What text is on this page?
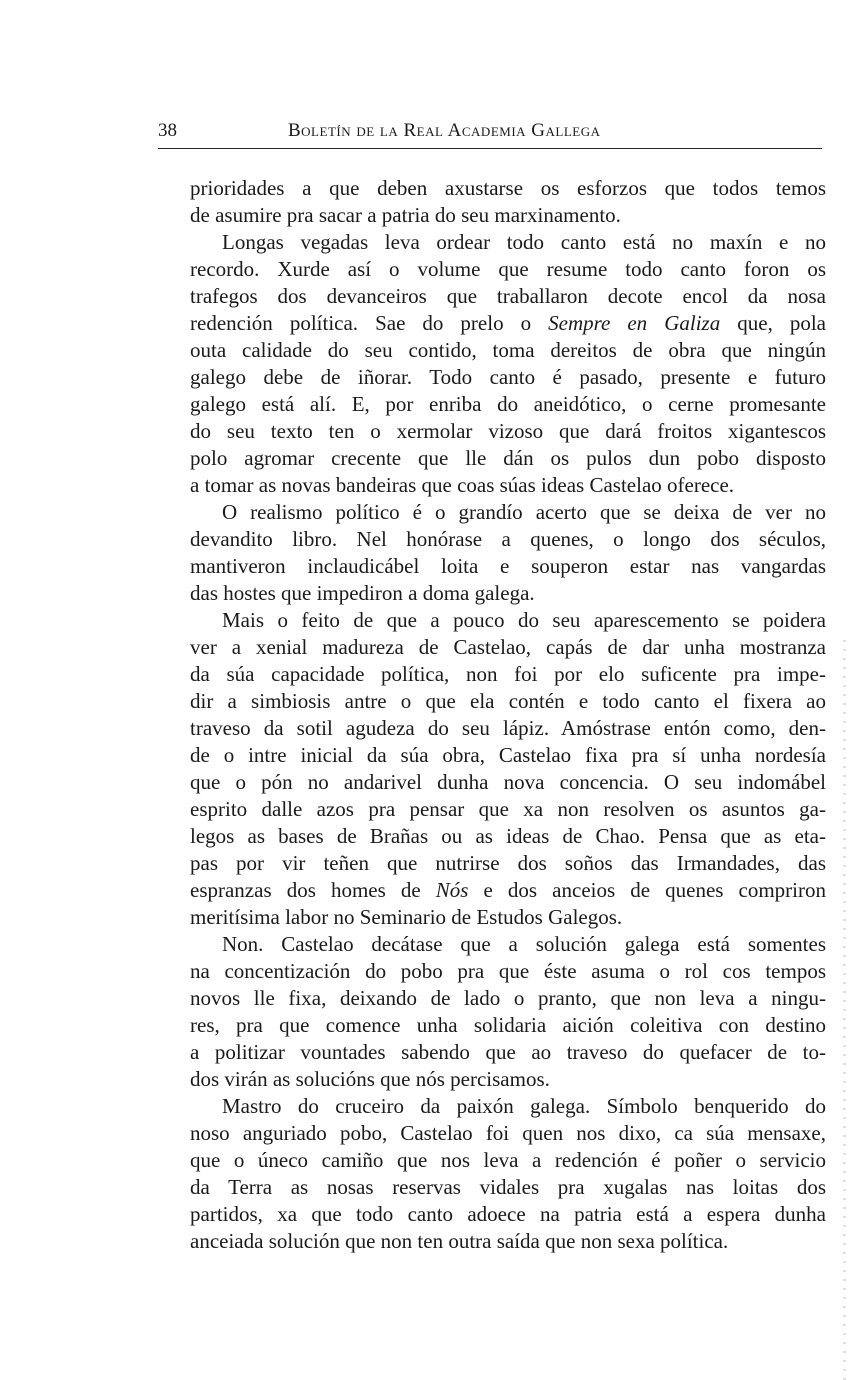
38	Boletín de la Real Academia Gallega
prioridades a que deben axustarse os esforzos que todos temos
de asumire pra sacar a patria do seu marxinamento.
Longas vegadas leva ordear todo canto está no maxín e no
recordo. Xurde así o volume que resume todo canto foron os
trafegos dos devanceiros que traballaron decote encol da nosa
redención política. Sae do prelo o Sempre en Galiza que, pola
outa calidade do seu contido, toma dereitos de obra que ningún
galego debe de iñorar. Todo canto é pasado, presente e futuro
galego está alí. E, por enriba do aneidótico, o cerne promesante
do seu texto ten o xermolar vizoso que dará froitos xigantescos
polo agromar crecente que lle dán os pulos dun pobo disposto
a tomar as novas bandeiras que coas súas ideas Castelao oferece.
O realismo político é o grandío acerto que se deixa de ver no
devandito libro. Nel honórase a quenes, o longo dos séculos,
mantiveron inclaudicábel loita e souperon estar nas vangardas
das hostes que impediron a doma galega.
Mais o feito de que a pouco do seu aparescemento se poidera
ver a xenial madureza de Castelao, capás de dar unha mostranza
da súa capacidade política, non foi por elo suficente pra impe-
dir a simbiosis antre o que ela contén e todo canto el fixera ao
traveso da sotil agudeza do seu lápiz. Amóstrase entón como, den-
de o intre inicial da súa obra, Castelao fixa pra sí unha nordesía
que o pón no andarivel dunha nova concencia. O seu indomábel
esprito dalle azos pra pensar que xa non resolven os asuntos ga-
legos as bases de Brañas ou as ideas de Chao. Pensa que as eta-
pas por vir teñen que nutrirse dos soños das Irmandades, das
espranzas dos homes de Nós e dos anceios de quenes compriron
meritísima labor no Seminario de Estudos Galegos.
Non. Castelao decátase que a solución galega está somentes
na concentización do pobo pra que éste asuma o rol cos tempos
novos lle fixa, deixando de lado o pranto, que non leva a ningu-
res, pra que comence unha solidaria aición coleitiva con destino
a politizar vountades sabendo que ao traveso do quefacer de to-
dos virán as solucións que nós percisamos.
Mastro do cruceiro da paixón galega. Símbolo benquerido do
noso anguriado pobo, Castelao foi quen nos dixo, ca súa mensaxe,
que o úneco camiño que nos leva a redención é poñer o servicio
da Terra as nosas reservas vidales pra xugalas nas loitas dos
partidos, xa que todo canto adoece na patria está a espera dunha
anceiada solución que non ten outra saída que non sexa política.
